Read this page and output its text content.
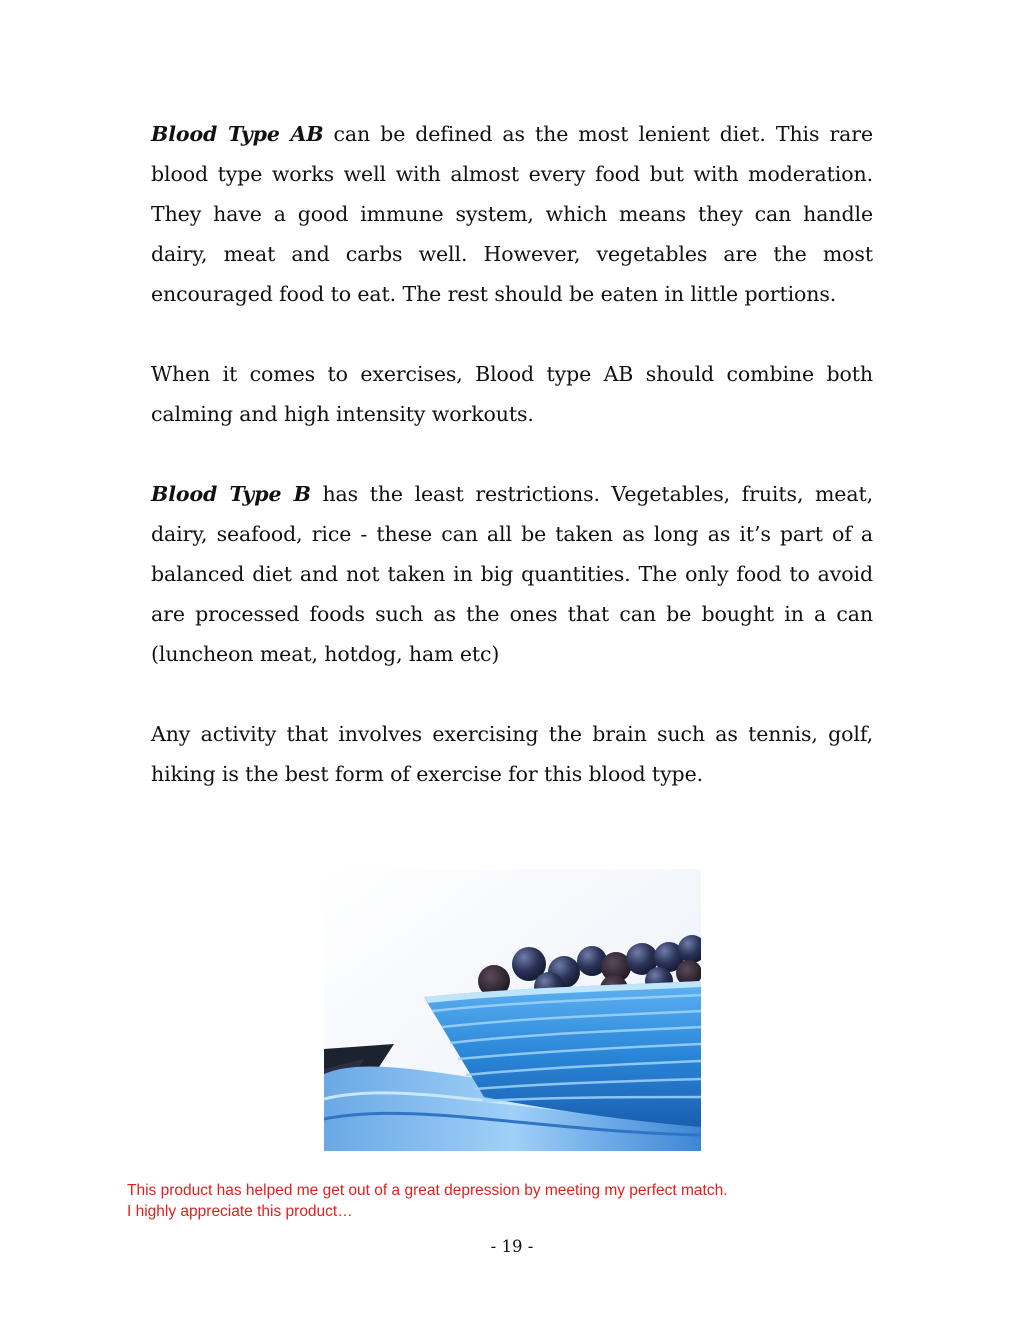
Blood Type AB can be defined as the most lenient diet. This rare blood type works well with almost every food but with moderation. They have a good immune system, which means they can handle dairy, meat and carbs well. However, vegetables are the most encouraged food to eat. The rest should be eaten in little portions.

When it comes to exercises, Blood type AB should combine both calming and high intensity workouts.

Blood Type B has the least restrictions. Vegetables, fruits, meat, dairy, seafood, rice - these can all be taken as long as it’s part of a balanced diet and not taken in big quantities. The only food to avoid are processed foods such as the ones that can be bought in a can (luncheon meat, hotdog, ham etc)

Any activity that involves exercising the brain such as tennis, golf, hiking is the best form of exercise for this blood type.

This product has helped me get out of a great depression by meeting my perfect match.
I highly appreciate this product…
- 19 -
